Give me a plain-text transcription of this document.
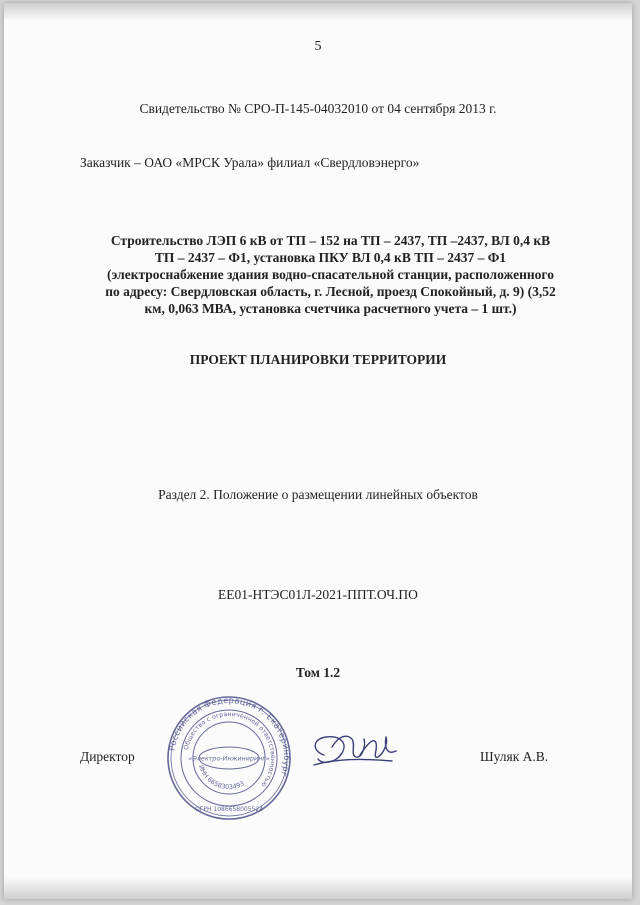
5
Свидетельство № СРО-П-145-04032010 от 04 сентября 2013 г.
Заказчик – ОАО «МРСК Урала» филиал «Свердловэнерго»
Строительство ЛЭП 6 кВ от ТП – 152 на ТП – 2437, ТП –2437, ВЛ 0,4 кВ
ТП – 2437 – Ф1, установка ПКУ ВЛ 0,4 кВ ТП – 2437 – Ф1
(электроснабжение здания водно-спасательной станции, расположенного
по адресу: Свердловская область, г. Лесной, проезд Спокойный, д. 9) (3,52
км, 0,063 МВА, установка счетчика расчетного учета – 1 шт.)
ПРОЕКТ ПЛАНИРОВКИ ТЕРРИТОРИИ
Раздел 2. Положение о размещении линейных объектов
ЕЕ01-НТЭС01Л-2021-ППТ.ОЧ.ПО
Том 1.2
Директор
Российская Федерация г. Екатеринбург
Общество с ограниченной ответственностью
ИНН 6658303493
«Электро-Инжиниринг»
ОГРН 1086658005524
Шуляк А.В.
